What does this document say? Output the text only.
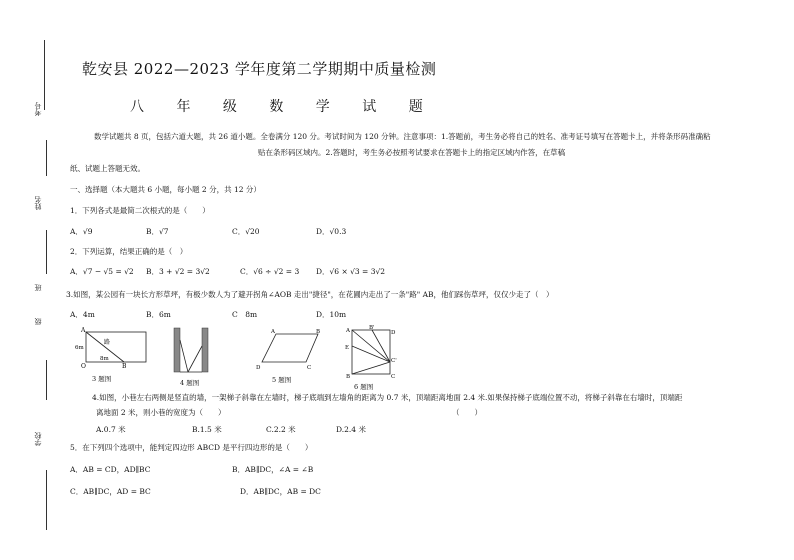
考号
姓名
班
级
学校
乾安县 2022—2023 学年度第二学期期中质量检测
八 年 级 数 学 试 题
数学试题共 8 页，包括六道大题，共 26 道小题。全卷满分 120 分。考试时间为 120 分钟。注意事项：1.答题前，考生务必将自己的姓名、准考证号填写在答题卡上，并将条形码准确粘
贴在条形码区域内。2.答题时，考生务必按照考试要求在答题卡上的指定区域内作答，在草稿
纸、试题上答题无效。
一、选择题（本大题共 6 小题，每小题 2 分，共 12 分）
1．下列各式是最简二次根式的是（　　）
A．√9	B．√7	C．√20	D．√0.3
2．下列运算，结果正确的是（　）
A．√7 − √5 = √2 B．3 + √2 = 3√2	C．√6 ÷ √2 = 3 D．√6 × √3 = 3√2
3.如图，某公园有一块长方形草坪，有极少数人为了避开拐角∠AOB 走出"捷径"，在花圃内走出了一条"路" AB，他们踩伤草坪，仅仅少走了（　）
A．4m	B．6m	C　8m	D．10m
路
6m
8m
A
O	B
3 题图	4 题图
A	B
C
D
5 题图
A	B'
D
E
C'
B	C
6 题图
4.如图，小巷左右两侧是竖直的墙，一架梯子斜靠在左墙时，梯子底端到左墙角的距离为 0.7 米，顶端距离地面 2.4 米.如果保持梯子底端位置不动，将梯子斜靠在右墙时，顶端距
离地面 2 米，则小巷的宽度为（　　）	（　　）
A.0.7 米	B.1.5 米	C.2.2 米	D.2.4 米
5．在下列四个选项中，能判定四边形 ABCD 是平行四边形的是（　　）
A．AB = CD，AD∥BC	B．AB∥DC，∠A = ∠B
C．AB∥DC，AD = BC	D．AB∥DC，AB = DC
